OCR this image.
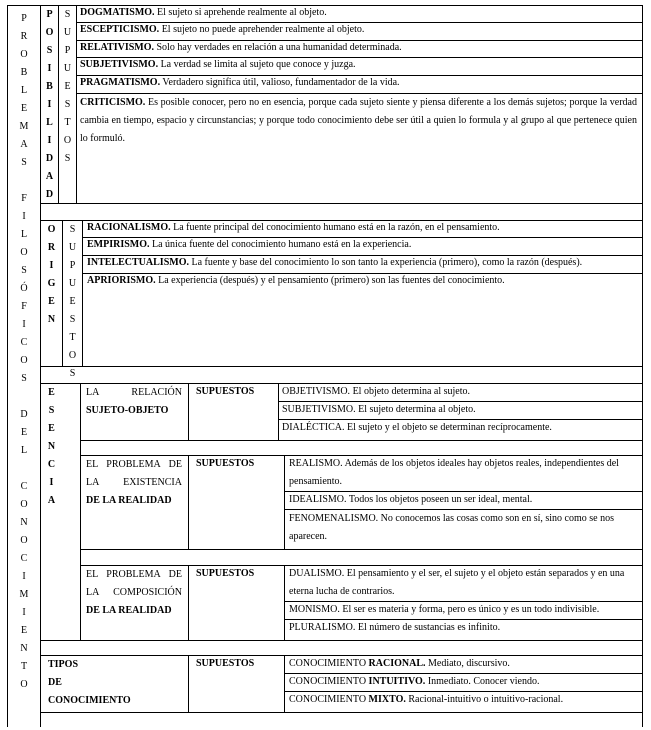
P
R
O
B
L
E
M
A
S
F
I
L
O
S
Ó
F
I
C
O
S
D
E
L
C
O
N
O
C
I
M
I
E
N
T
O
P
O
S
I
B
I
L
I
D
A
D
S
U
P
U
E
S
T
O
S
DOGMATISMO. El sujeto si aprehende realmente al objeto.
ESCEPTICISMO. El sujeto no puede aprehender realmente al objeto.
RELATIVISMO. Solo hay verdades en relación a una humanidad determinada.
SUBJETIVISMO. La verdad se limita al sujeto que conoce y juzga.
PRAGMATISMO. Verdadero significa útil, valioso, fundamentador de la vida.
CRITICISMO. Es posible conocer, pero no en esencia, porque cada sujeto siente y piensa diferente a los demás sujetos; porque la verdad cambia en tiempo, espacio y circunstancias; y porque todo conocimiento debe ser útil a quien lo formula y al grupo al que pertenece quien lo formuló.
O
R
I
G
E
N
S
U
P
U
E
S
T
O
S
RACIONALISMO. La fuente principal del conocimiento humano está en la razón, en el pensamiento.
EMPIRISMO. La única fuente del conocimiento humano está en la experiencia.
INTELECTUALISMO. La fuente y base del conocimiento lo son tanto la experiencia (primero), como la razón (después).
APRIORISMO. La experiencia (después) y el pensamiento (primero) son las fuentes del conocimiento.
E
S
E
N
C
I
A
LA RELACIÓN
SUJETO-OBJETO
SUPUESTOS	OBJETIVISMO. El objeto determina al sujeto.
SUBJETIVISMO. El sujeto determina al objeto.
DIALÉCTICA. El sujeto y el objeto se determinan recíprocamente.
EL PROBLEMA DE LA EXISTENCIA
DE LA REALIDAD
SUPUESTOS	REALISMO. Además de los objetos ideales hay objetos reales, independientes del pensamiento.
IDEALISMO. Todos los objetos poseen un ser ideal, mental.
FENOMENALISMO. No conocemos las cosas como son en sí, sino como se nos aparecen.
EL PROBLEMA DE LA COMPOSICIÓN
DE LA REALIDAD
SUPUESTOS	DUALISMO. El pensamiento y el ser, el sujeto y el objeto están separados y en una eterna lucha de contrarios.
MONISMO. El ser es materia y forma, pero es único y es un todo indivisible.
PLURALISMO. El número de sustancias es infinito.
TIPOS
DE
CONOCIMIENTO
SUPUESTOS	CONOCIMIENTO RACIONAL. Mediato, discursivo.
CONOCIMIENTO INTUITIVO. Inmediato. Conocer viendo.
CONOCIMIENTO MIXTO. Racional-intuitivo o intuitivo-racional.
